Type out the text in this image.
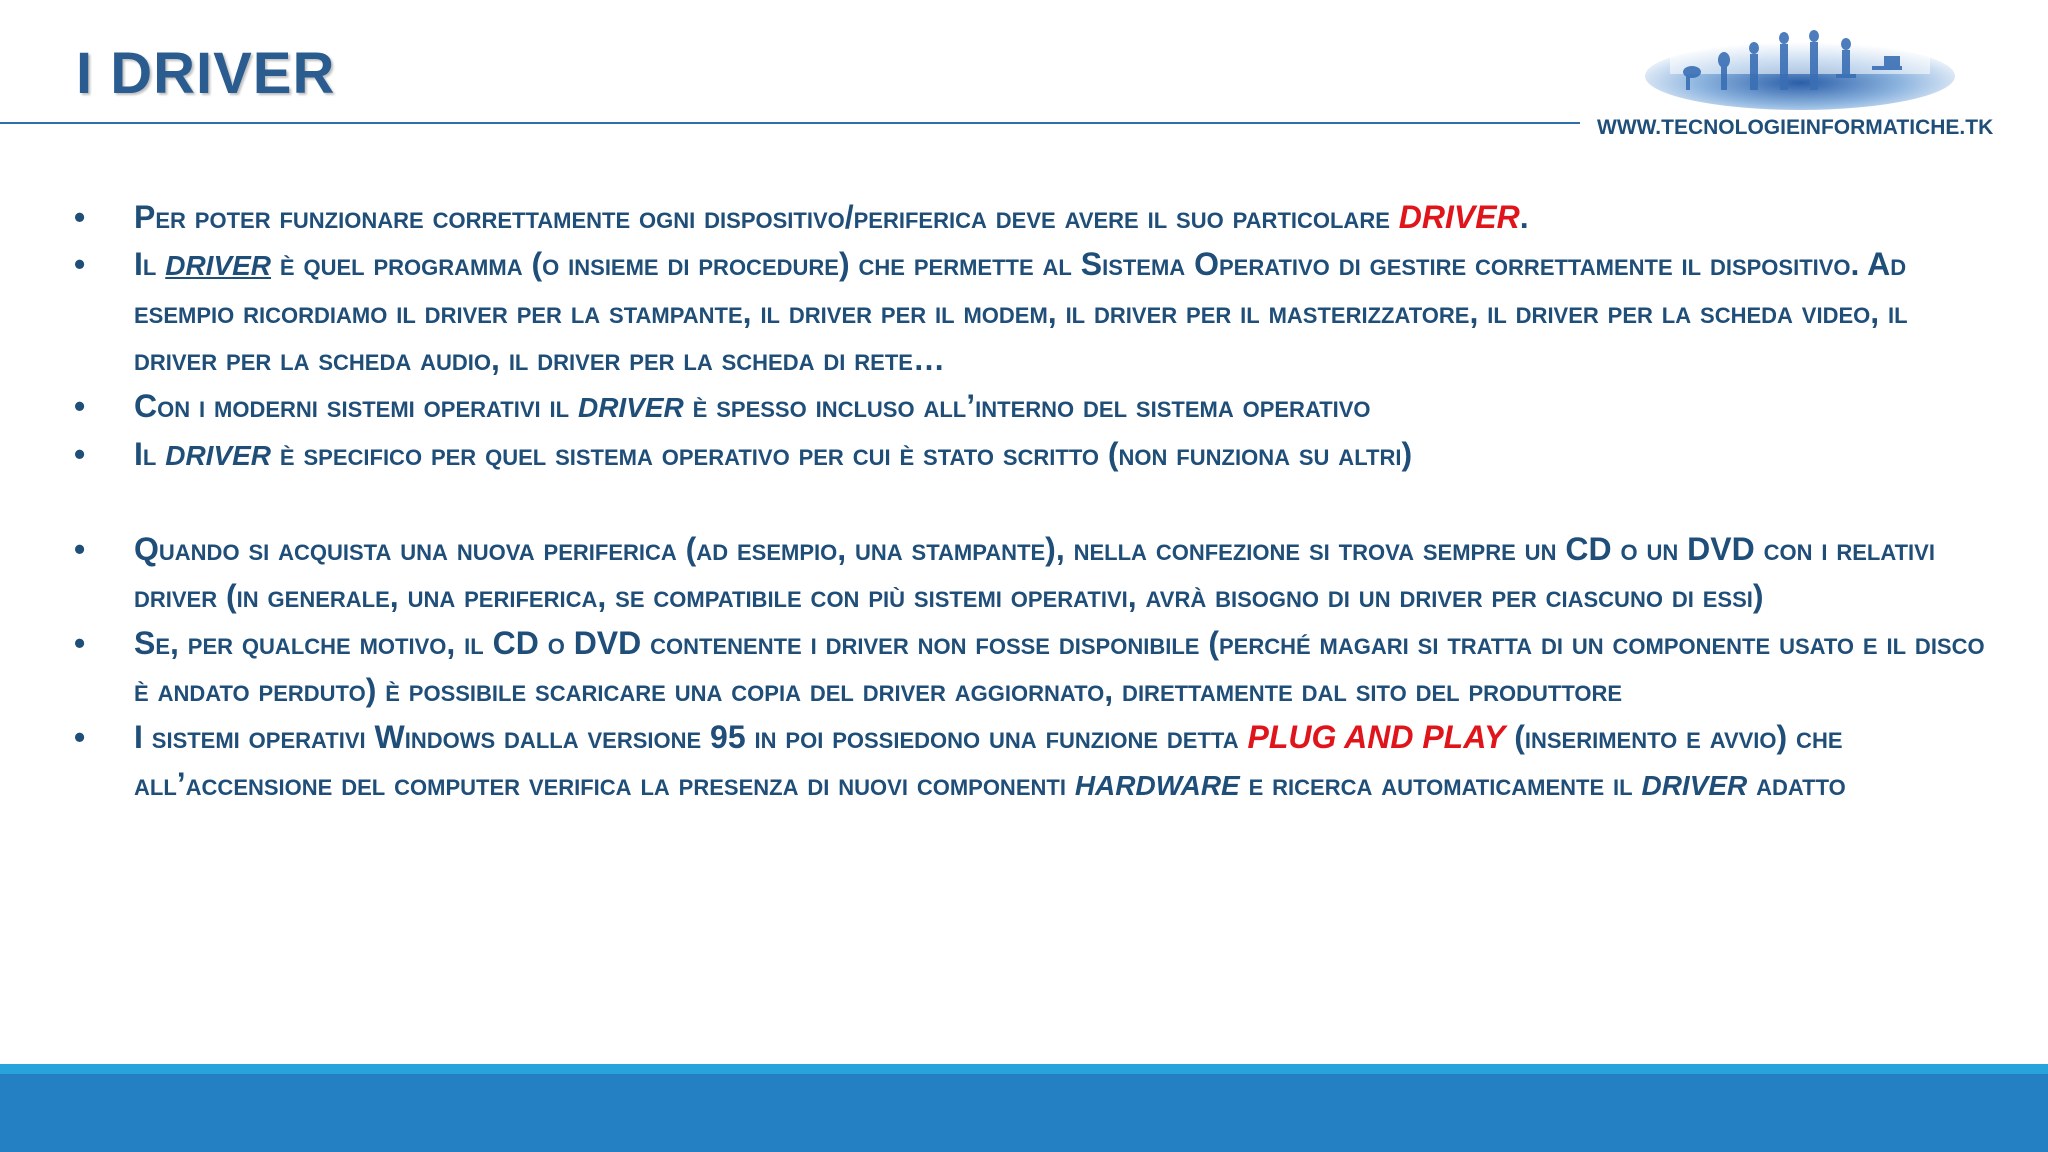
I DRIVER
WWW.TECNOLOGIEINFORMATICHE.TK
•	Per poter funzionare correttamente ogni dispositivo/periferica deve avere il suo particolare DRIVER.
•	Il DRIVER è quel programma (o insieme di procedure) che permette al Sistema Operativo di gestire correttamente il dispositivo. Ad esempio ricordiamo il driver per la stampante, il driver per il modem, il driver per il masterizzatore, il driver per la scheda video, il driver per la scheda audio, il driver per la scheda di rete…
•	Con i moderni sistemi operativi il DRIVER è spesso incluso all’interno del sistema operativo
•	Il DRIVER è specifico per quel sistema operativo per cui è stato scritto (non funziona su altri)
•	Quando si acquista una nuova periferica (ad esempio, una stampante), nella confezione si trova sempre un CD o un DVD con i relativi driver (in generale, una periferica, se compatibile con più sistemi operativi, avrà bisogno di un driver per ciascuno di essi)
•	Se, per qualche motivo, il CD o DVD contenente i driver non fosse disponibile (perché magari si tratta di un componente usato e il disco è andato perduto) è possibile scaricare una copia del driver aggiornato, direttamente dal sito del produttore
•	I sistemi operativi Windows dalla versione 95 in poi possiedono una funzione detta PLUG AND PLAY (inserimento e avvio) che all’accensione del computer verifica la presenza di nuovi componenti HARDWARE e ricerca automaticamente il DRIVER adatto
